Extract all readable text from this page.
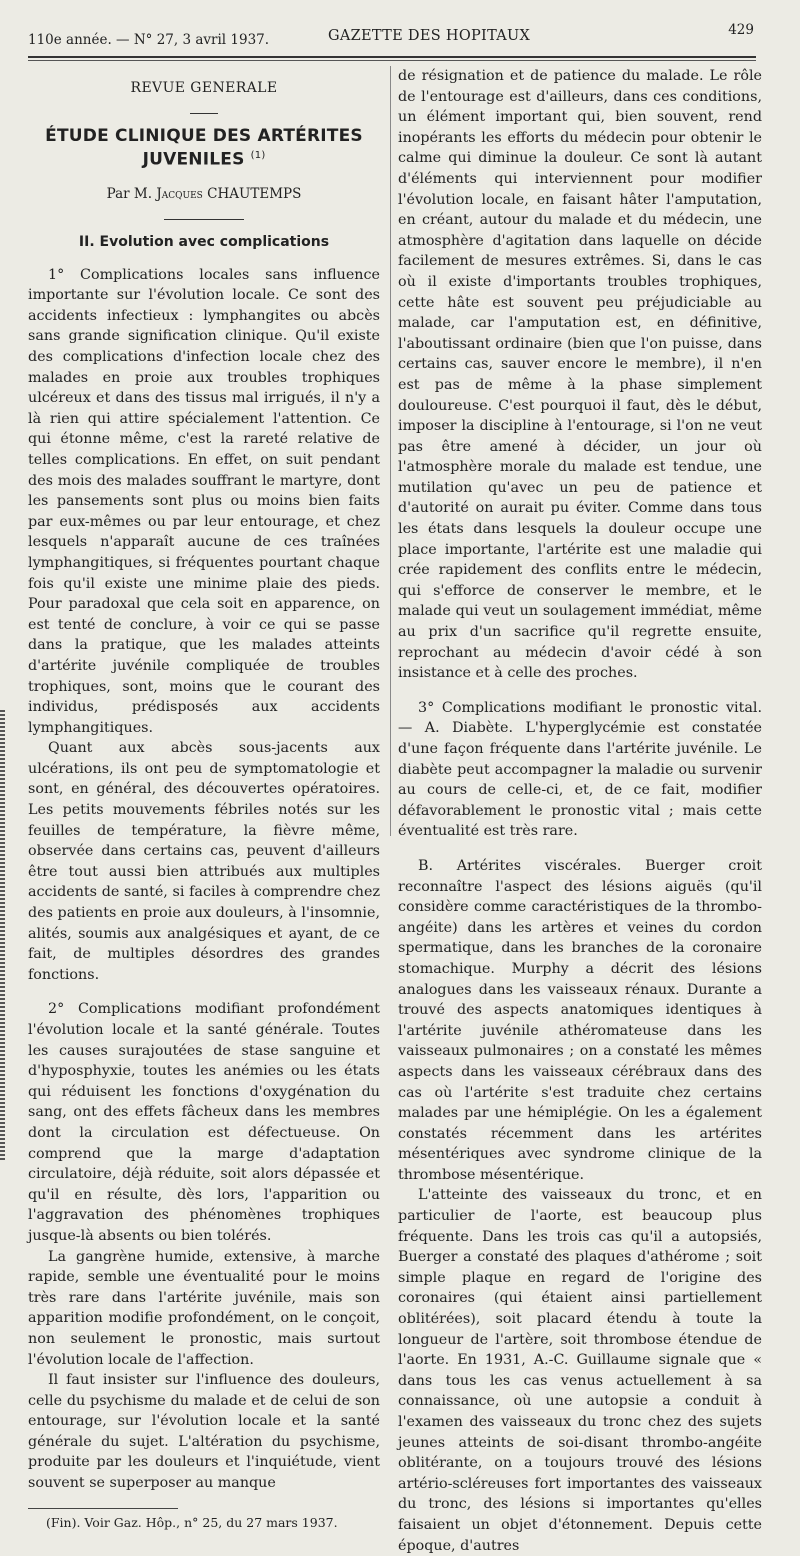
110e année. — N° 27, 3 avril 1937.	GAZETTE DES HOPITAUX	429
REVUE GENERALE
ÉTUDE CLINIQUE DES ARTÉRITES JUVENILES $^{(1)}$
Par M. Jacques CHAUTEMPS
II. Evolution avec complications

1° Complications locales sans influence importante sur l'évolution locale. Ce sont des accidents infectieux : lymphangites ou abcès sans grande signification clinique. Qu'il existe des complications d'infection locale chez des malades en proie aux troubles trophiques ulcéreux et dans des tissus mal irrigués, il n'y a là rien qui attire spécialement l'attention. Ce qui étonne même, c'est la rareté relative de telles complications. En effet, on suit pendant des mois des malades souffrant le martyre, dont les pansements sont plus ou moins bien faits par eux-mêmes ou par leur entourage, et chez lesquels n'apparaît aucune de ces traînées lymphangitiques, si fréquentes pourtant chaque fois qu'il existe une minime plaie des pieds. Pour paradoxal que cela soit en apparence, on est tenté de conclure, à voir ce qui se passe dans la pratique, que les malades atteints d'artérite juvénile compliquée de troubles trophiques, sont, moins que le courant des individus, prédisposés aux accidents lymphangitiques.

Quant aux abcès sous-jacents aux ulcérations, ils ont peu de symptomatologie et sont, en général, des découvertes opératoires. Les petits mouvements fébriles notés sur les feuilles de température, la fièvre même, observée dans certains cas, peuvent d'ailleurs être tout aussi bien attribués aux multiples accidents de santé, si faciles à comprendre chez des patients en proie aux douleurs, à l'insomnie, alités, soumis aux analgésiques et ayant, de ce fait, de multiples désordres des grandes fonctions.

2° Complications modifiant profondément l'évolution locale et la santé générale. Toutes les causes surajoutées de stase sanguine et d'hyposphyxie, toutes les anémies ou les états qui réduisent les fonctions d'oxygénation du sang, ont des effets fâcheux dans les membres dont la circulation est défectueuse. On comprend que la marge d'adaptation circulatoire, déjà réduite, soit alors dépassée et qu'il en résulte, dès lors, l'apparition ou l'aggravation des phénomènes trophiques jusque-là absents ou bien tolérés.

La gangrène humide, extensive, à marche rapide, semble une éventualité pour le moins très rare dans l'artérite juvénile, mais son apparition modifie profondément, on le conçoit, non seulement le pronostic, mais surtout l'évolution locale de l'affection.

Il faut insister sur l'influence des douleurs, celle du psychisme du malade et de celui de son entourage, sur l'évolution locale et la santé générale du sujet. L'altération du psychisme, produite par les douleurs et l'inquiétude, vient souvent se superposer au manque

(Fin). Voir Gaz. Hôp., n° 25, du 27 mars 1937.

de résignation et de patience du malade. Le rôle de l'entourage est d'ailleurs, dans ces conditions, un élément important qui, bien souvent, rend inopérants les efforts du médecin pour obtenir le calme qui diminue la douleur. Ce sont là autant d'éléments qui interviennent pour modifier l'évolution locale, en faisant hâter l'amputation, en créant, autour du malade et du médecin, une atmosphère d'agitation dans laquelle on décide facilement de mesures extrêmes. Si, dans le cas où il existe d'importants troubles trophiques, cette hâte est souvent peu préjudiciable au malade, car l'amputation est, en définitive, l'aboutissant ordinaire (bien que l'on puisse, dans certains cas, sauver encore le membre), il n'en est pas de même à la phase simplement douloureuse. C'est pourquoi il faut, dès le début, imposer la discipline à l'entourage, si l'on ne veut pas être amené à décider, un jour où l'atmosphère morale du malade est tendue, une mutilation qu'avec un peu de patience et d'autorité on aurait pu éviter. Comme dans tous les états dans lesquels la douleur occupe une place importante, l'artérite est une maladie qui crée rapidement des conflits entre le médecin, qui s'efforce de conserver le membre, et le malade qui veut un soulagement immédiat, même au prix d'un sacrifice qu'il regrette ensuite, reprochant au médecin d'avoir cédé à son insistance et à celle des proches.

3° Complications modifiant le pronostic vital. — A. Diabète. L'hyperglycémie est constatée d'une façon fréquente dans l'artérite juvénile. Le diabète peut accompagner la maladie ou survenir au cours de celle-ci, et, de ce fait, modifier défavorablement le pronostic vital ; mais cette éventualité est très rare.

B. Artérites viscérales. Buerger croit reconnaître l'aspect des lésions aiguës (qu'il considère comme caractéristiques de la thrombo-angéite) dans les artères et veines du cordon spermatique, dans les branches de la coronaire stomachique. Murphy a décrit des lésions analogues dans les vaisseaux rénaux. Durante a trouvé des aspects anatomiques identiques à l'artérite juvénile athéromateuse dans les vaisseaux pulmonaires ; on a constaté les mêmes aspects dans les vaisseaux cérébraux dans des cas où l'artérite s'est traduite chez certains malades par une hémiplégie. On les a également constatés récemment dans les artérites mésentériques avec syndrome clinique de la thrombose mésentérique.

L'atteinte des vaisseaux du tronc, et en particulier de l'aorte, est beaucoup plus fréquente. Dans les trois cas qu'il a autopsiés, Buerger a constaté des plaques d'athérome ; soit simple plaque en regard de l'origine des coronaires (qui étaient ainsi partiellement oblitérées), soit placard étendu à toute la longueur de l'artère, soit thrombose étendue de l'aorte. En 1931, A.-C. Guillaume signale que « dans tous les cas venus actuellement à sa connaissance, où une autopsie a conduit à l'examen des vaisseaux du tronc chez des sujets jeunes atteints de soi-disant thrombo-angéite oblitérante, on a toujours trouvé des lésions artério-scléreuses fort importantes des vaisseaux du tronc, des lésions si importantes qu'elles faisaient un objet d'étonnement. Depuis cette époque, d'autres
